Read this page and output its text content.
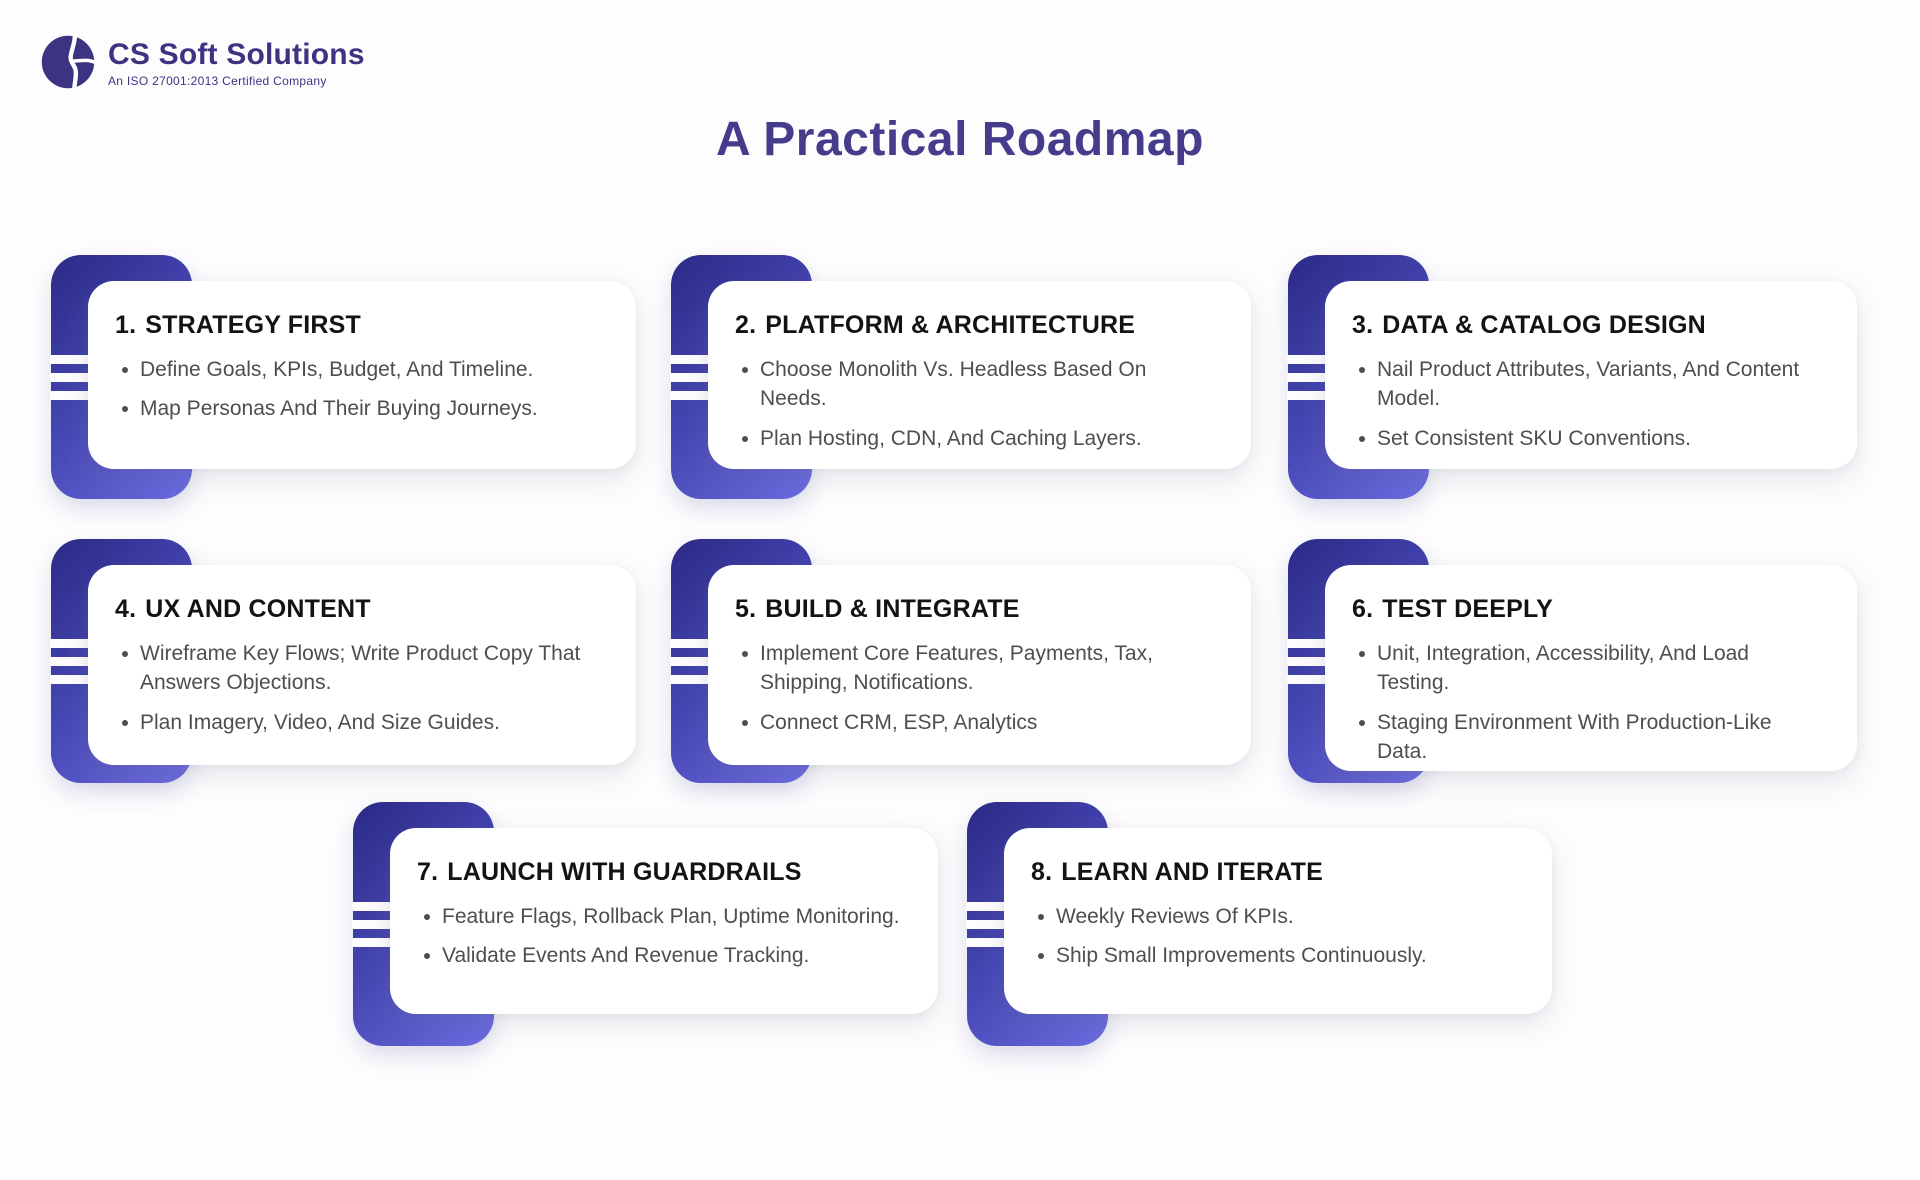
CS Soft Solutions
An ISO 27001:2013 Certified Company
A Practical Roadmap
1. STRATEGY FIRST
Define Goals, KPIs, Budget, And Timeline.
Map Personas And Their Buying Journeys.
2. PLATFORM & ARCHITECTURE
Choose Monolith Vs. Headless Based On Needs.
Plan Hosting, CDN, And Caching Layers.
3. DATA & CATALOG DESIGN
Nail Product Attributes, Variants, And Content Model.
Set Consistent SKU Conventions.
4. UX AND CONTENT
Wireframe Key Flows; Write Product Copy That Answers Objections.
Plan Imagery, Video, And Size Guides.
5. BUILD & INTEGRATE
Implement Core Features, Payments, Tax, Shipping, Notifications.
Connect CRM, ESP, Analytics
6. TEST DEEPLY
Unit, Integration, Accessibility, And Load Testing.
Staging Environment With Production-Like Data.
7. LAUNCH WITH GUARDRAILS
Feature Flags, Rollback Plan, Uptime Monitoring.
Validate Events And Revenue Tracking.
8. LEARN AND ITERATE
Weekly Reviews Of KPIs.
Ship Small Improvements Continuously.
